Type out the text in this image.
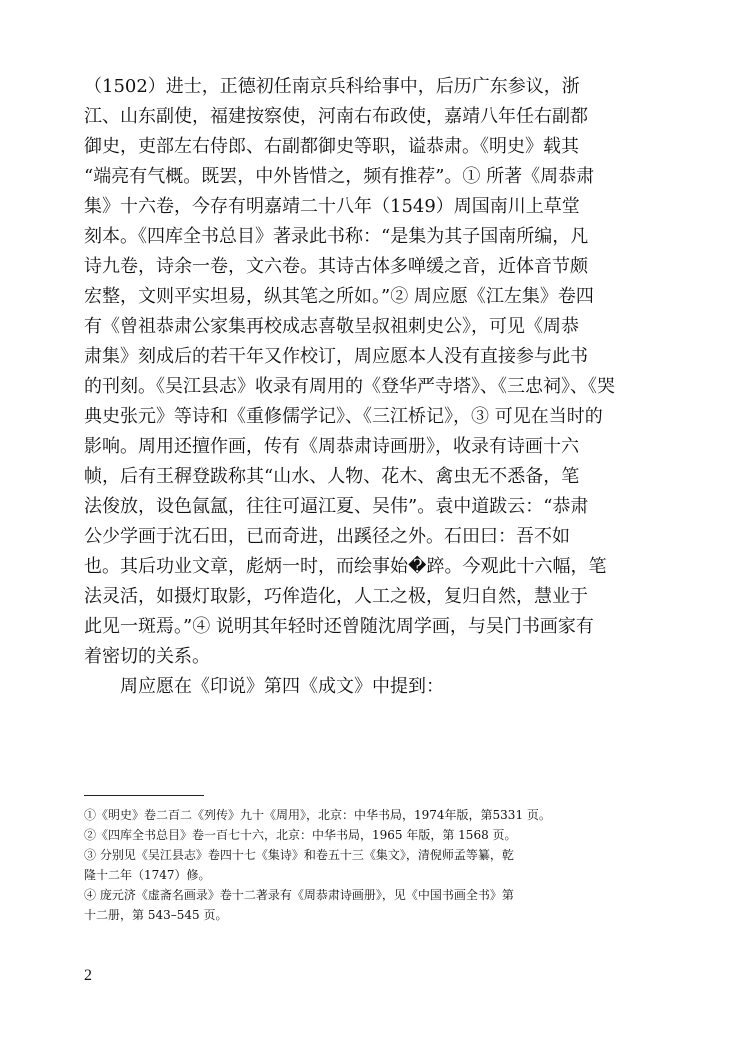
（1502）进士，正德初任南京兵科给事中，后历广东参议，浙
江、山东副使，福建按察使，河南右布政使，嘉靖八年任右副都
御史，吏部左右侍郎、右副都御史等职，谥恭肃。《明史》载其
“端亮有气概。既罢，中外皆惜之，频有推荐”。① 所著《周恭肃
集》十六卷，今存有明嘉靖二十八年（1549）周国南川上草堂
刻本。《四库全书总目》著录此书称：“是集为其子国南所编，凡
诗九卷，诗余一卷，文六卷。其诗古体多啴缓之音，近体音节颇
宏整，文则平实坦易，纵其笔之所如。”② 周应愿《江左集》卷四
有《曾祖恭肃公家集再校成志喜敬呈叔祖刺史公》，可见《周恭
肃集》刻成后的若干年又作校订，周应愿本人没有直接参与此书
的刊刻。《吴江县志》收录有周用的《登华严寺塔》、《三忠祠》、《哭
典史张元》等诗和《重修儒学记》、《三江桥记》，③ 可见在当时的
影响。周用还擅作画，传有《周恭肃诗画册》，收录有诗画十六
帧，后有王稺登跋称其“山水、人物、花木、禽虫无不悉备，笔
法俊放，设色氤氲，往往可逼江夏、吴伟”。袁中道跋云：“恭肃
公少学画于沈石田，已而奇进，出蹊径之外。石田曰：吾不如
也。其后功业文章，彪炳一时，而绘事始�踤。今观此十六幅，笔
法灵活，如摄灯取影，巧侔造化，人工之极，复归自然，慧业于
此见一斑焉。”④ 说明其年轻时还曾随沈周学画，与吴门书画家有
着密切的关系。
周应愿在《印说》第四《成文》中提到：
①《明史》卷二百二《列传》九十《周用》，北京：中华书局，1974年版，第5331 页。
②《四库全书总目》卷一百七十六，北京：中华书局，1965 年版，第 1568 页。
③ 分别见《吴江县志》卷四十七《集诗》和卷五十三《集文》，清倪师孟等纂，乾
隆十二年（1747）修。
④ 庞元济《虚斋名画录》卷十二著录有《周恭肃诗画册》，见《中国书画全书》第
十二册，第 543–545 页。
2
